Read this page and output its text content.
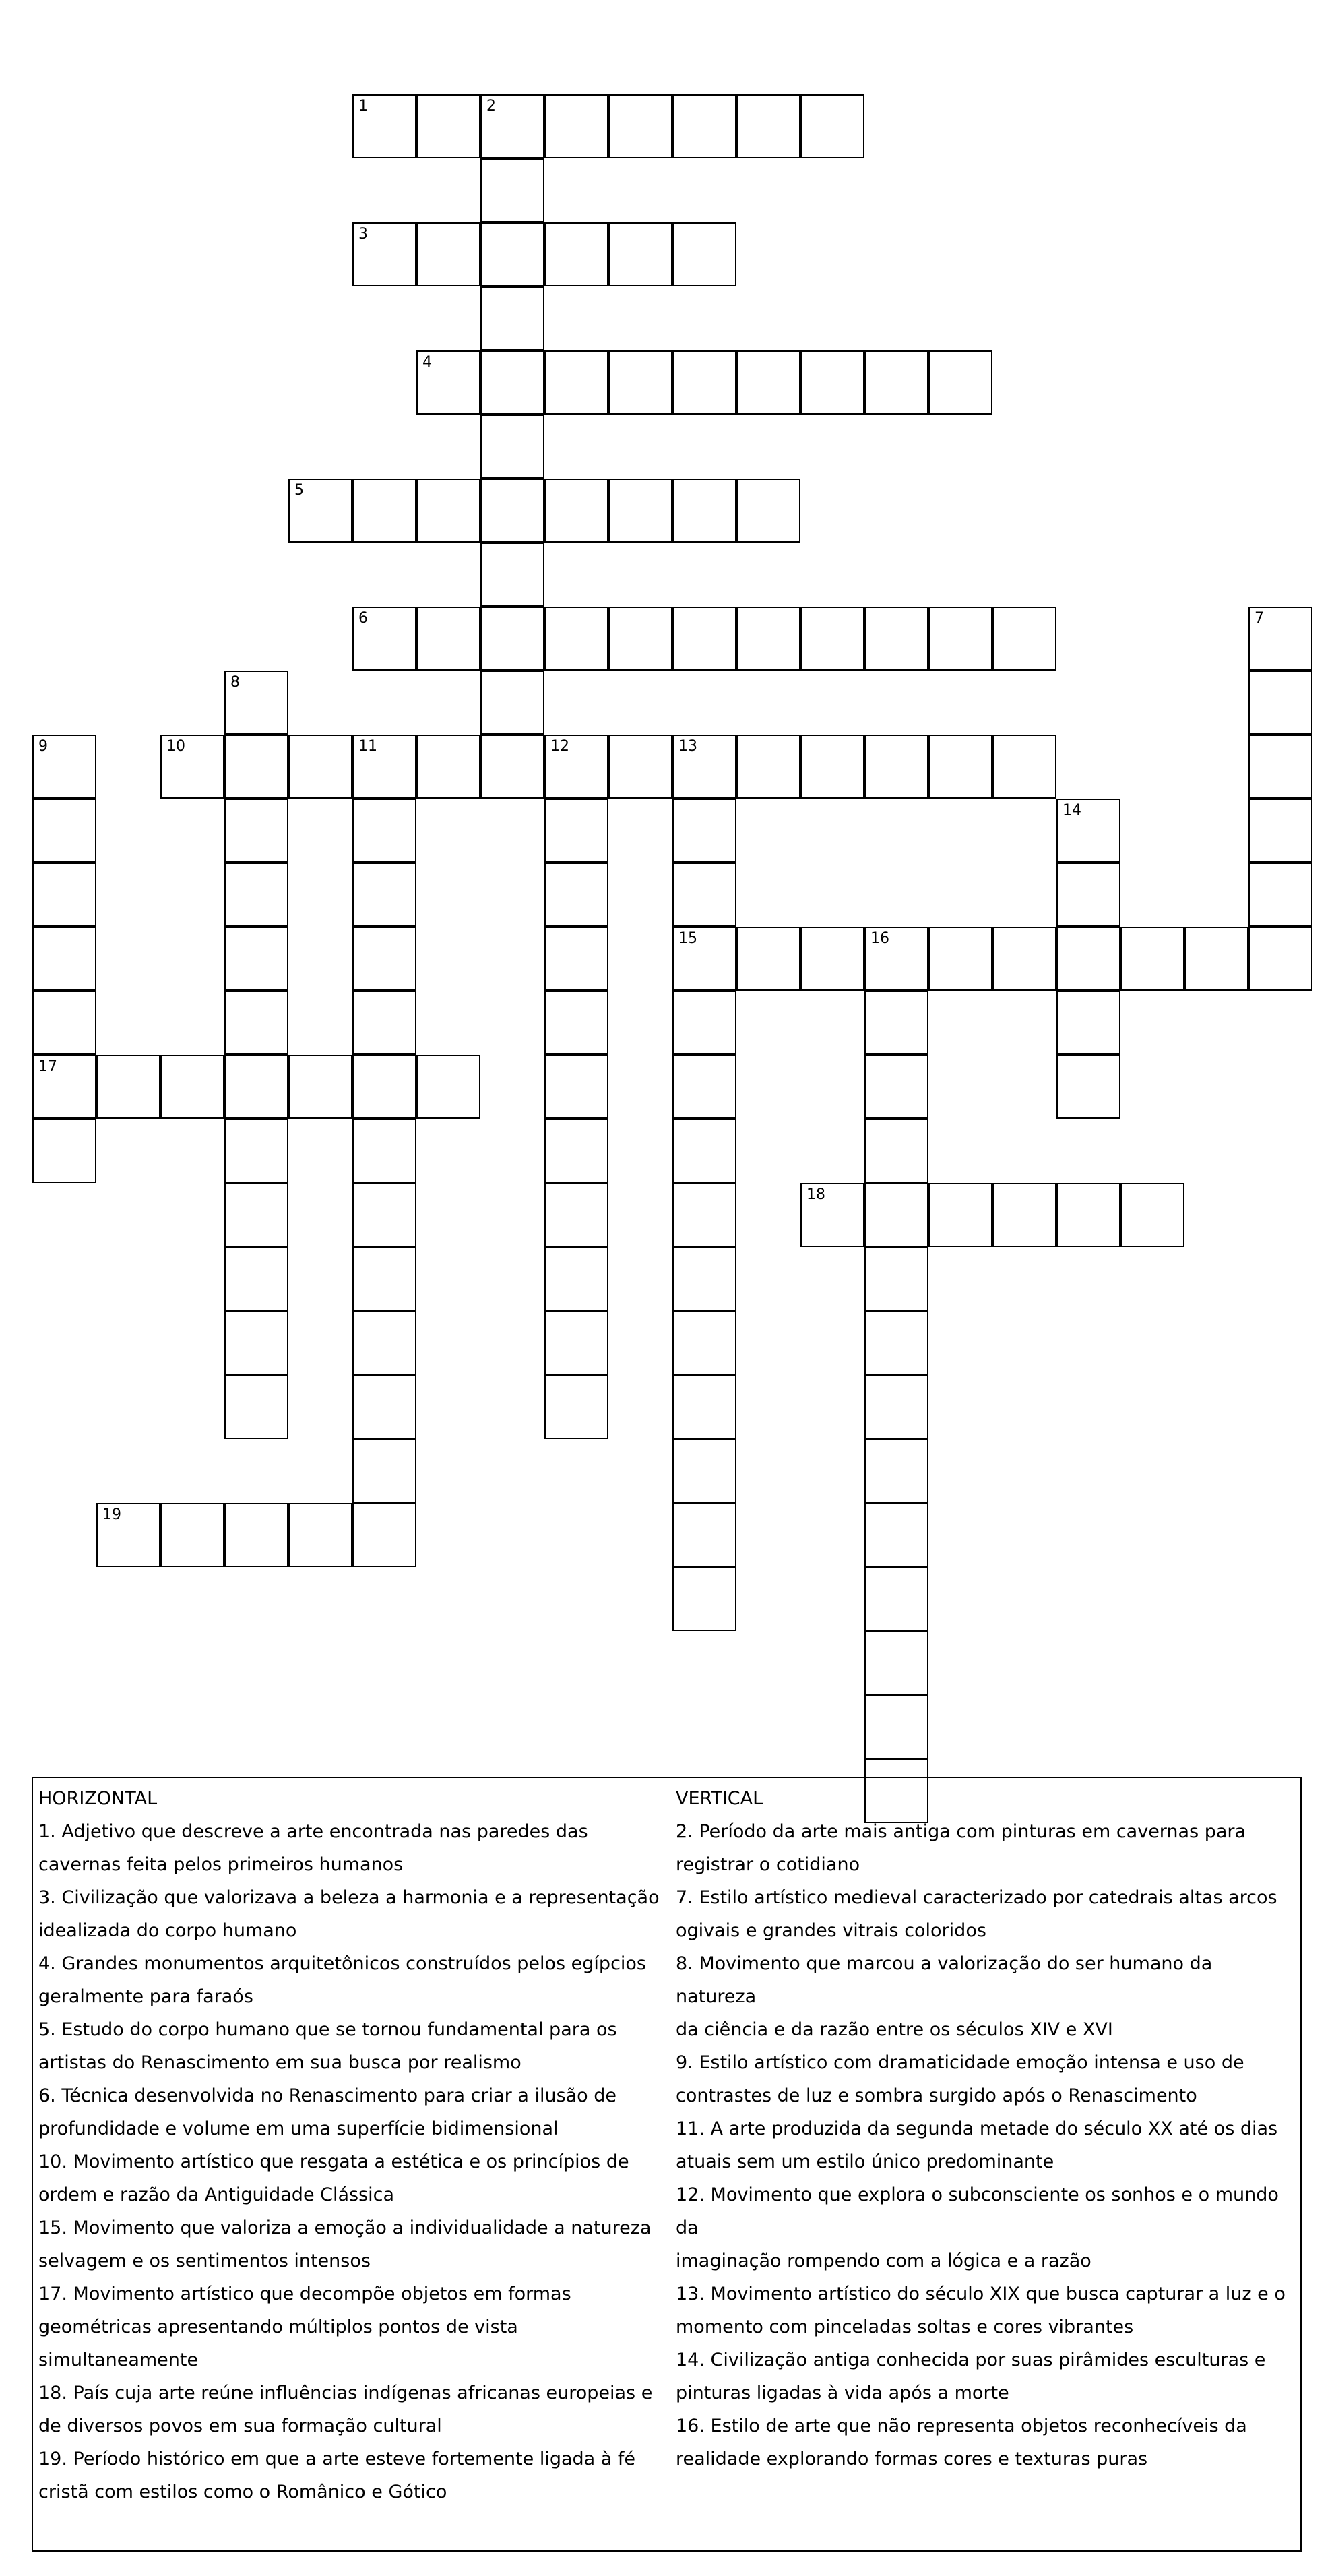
1	2
3
4
5
6	7
8
9	10	11	12	13
14
15	16
17
18
19
HORIZONTAL
1. Adjetivo que descreve a arte encontrada nas paredes das
cavernas feita pelos primeiros humanos
3. Civilização que valorizava a beleza a harmonia e a representação
idealizada do corpo humano
4. Grandes monumentos arquitetônicos construídos pelos egípcios
geralmente para faraós
5. Estudo do corpo humano que se tornou fundamental para os
artistas do Renascimento em sua busca por realismo
6. Técnica desenvolvida no Renascimento para criar a ilusão de
profundidade e volume em uma superfície bidimensional
10. Movimento artístico que resgata a estética e os princípios de
ordem e razão da Antiguidade Clássica
15. Movimento que valoriza a emoção a individualidade a natureza
selvagem e os sentimentos intensos
17. Movimento artístico que decompõe objetos em formas
geométricas apresentando múltiplos pontos de vista
simultaneamente
18. País cuja arte reúne influências indígenas africanas europeias e
de diversos povos em sua formação cultural
19. Período histórico em que a arte esteve fortemente ligada à fé
cristã com estilos como o Românico e Gótico
VERTICAL
2. Período da arte mais antiga com pinturas em cavernas para
registrar o cotidiano
7. Estilo artístico medieval caracterizado por catedrais altas arcos
ogivais e grandes vitrais coloridos
8. Movimento que marcou a valorização do ser humano da natureza
da ciência e da razão entre os séculos XIV e XVI
9. Estilo artístico com dramaticidade emoção intensa e uso de
contrastes de luz e sombra surgido após o Renascimento
11. A arte produzida da segunda metade do século XX até os dias
atuais sem um estilo único predominante
12. Movimento que explora o subconsciente os sonhos e o mundo da
imaginação rompendo com a lógica e a razão
13. Movimento artístico do século XIX que busca capturar a luz e o
momento com pinceladas soltas e cores vibrantes
14. Civilização antiga conhecida por suas pirâmides esculturas e
pinturas ligadas à vida após a morte
16. Estilo de arte que não representa objetos reconhecíveis da
realidade explorando formas cores e texturas puras
